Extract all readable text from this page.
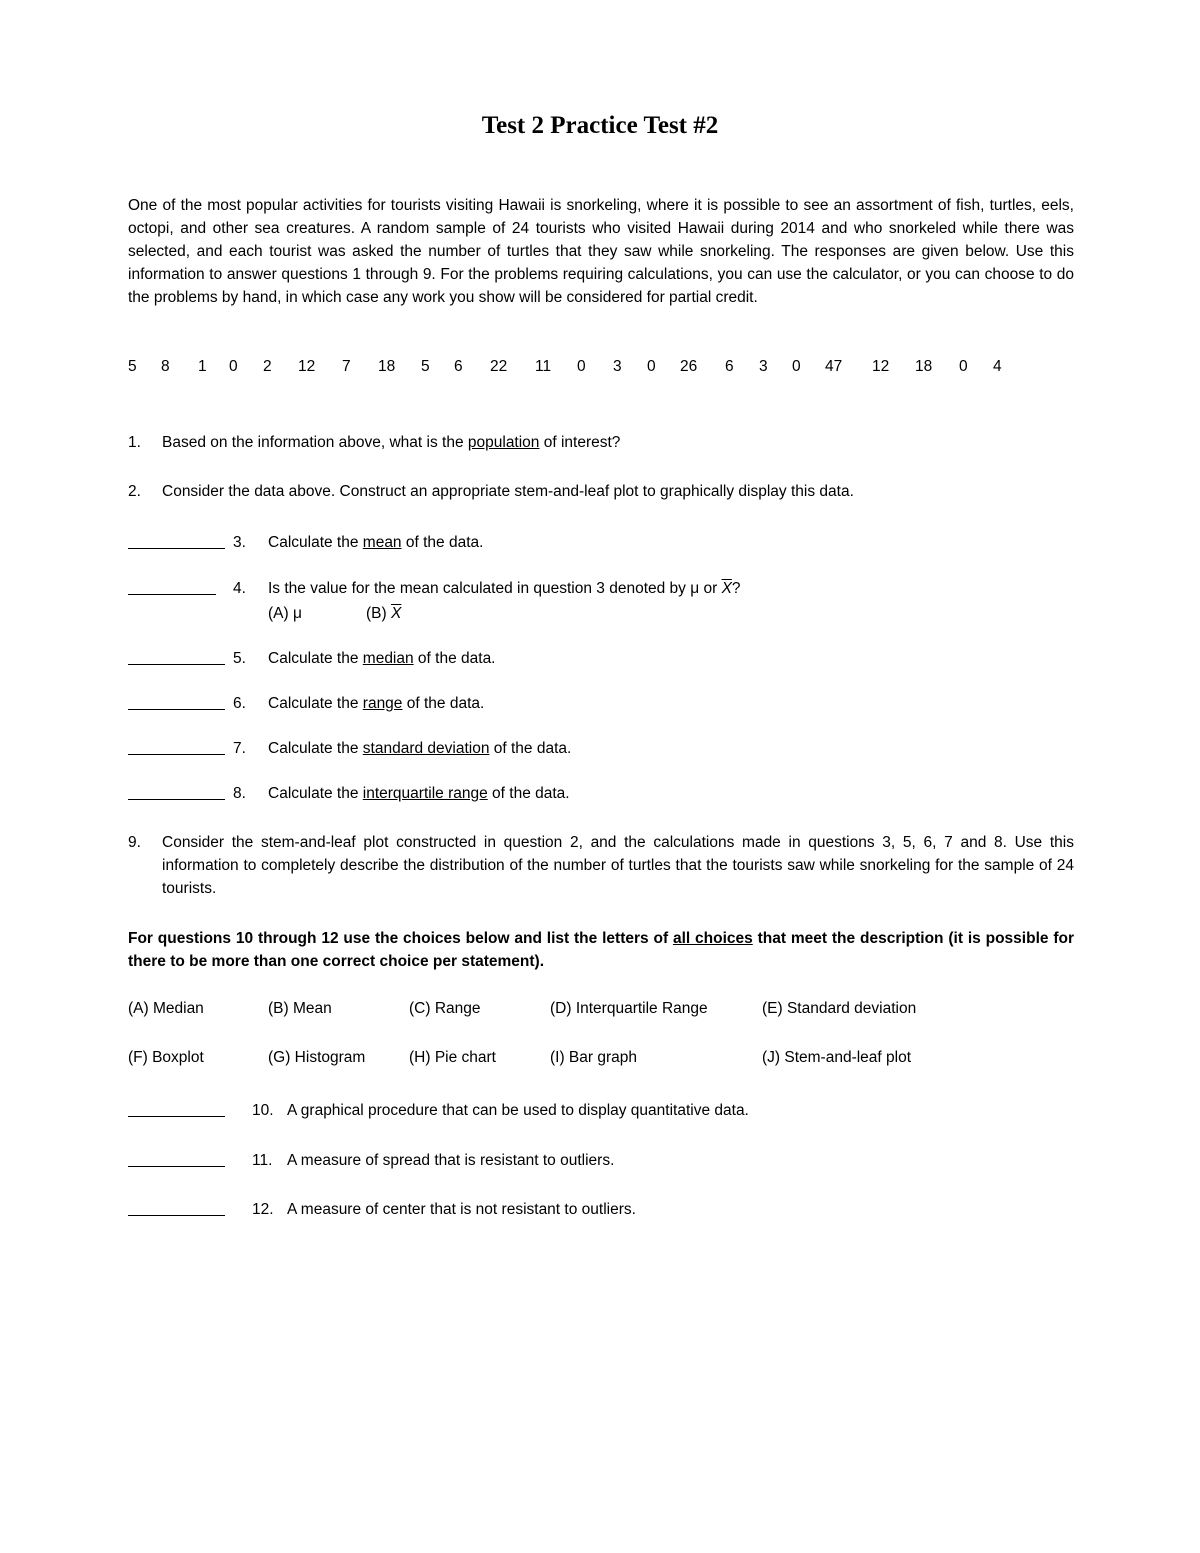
Test 2 Practice Test #2
One of the most popular activities for tourists visiting Hawaii is snorkeling, where it is possible to see an assortment of fish, turtles, eels, octopi, and other sea creatures. A random sample of 24 tourists who visited Hawaii during 2014 and who snorkeled while there was selected, and each tourist was asked the number of turtles that they saw while snorkeling. The responses are given below. Use this information to answer questions 1 through 9. For the problems requiring calculations, you can use the calculator, or you can choose to do the problems by hand, in which case any work you show will be considered for partial credit.
5 8 1 0 2 12 7 18 5 6 22 11 0 3 0 26 6 3 0 47 12 18 0 4
1. Based on the information above, what is the population of interest?
2. Consider the data above. Construct an appropriate stem-and-leaf plot to graphically display this data.
3. Calculate the mean of the data.
4. Is the value for the mean calculated in question 3 denoted by μ or $\overline{X}$?
(A) μ	(B) $\overline{X}$
5. Calculate the median of the data.
6. Calculate the range of the data.
7. Calculate the standard deviation of the data.
8. Calculate the interquartile range of the data.
9. Consider the stem-and-leaf plot constructed in question 2, and the calculations made in questions 3, 5, 6, 7 and 8. Use this information to completely describe the distribution of the number of turtles that the tourists saw while snorkeling for the sample of 24 tourists.
For questions 10 through 12 use the choices below and list the letters of all choices that meet the description (it is possible for there to be more than one correct choice per statement).
(A) Median	(B) Mean	(C) Range	(D) Interquartile Range	(E) Standard deviation
(F) Boxplot	(G) Histogram	(H) Pie chart	(I) Bar graph	(J) Stem-and-leaf plot
10. A graphical procedure that can be used to display quantitative data.
11. A measure of spread that is resistant to outliers.
12. A measure of center that is not resistant to outliers.
